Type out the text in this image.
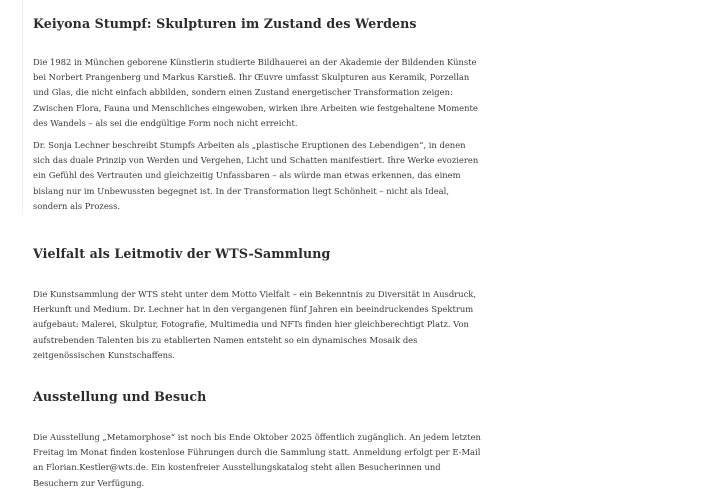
Keiyona Stumpf: Skulpturen im Zustand des Werdens

Die 1982 in München geborene Künstlerin studierte Bildhauerei an der Akademie der Bildenden Künste bei Norbert Prangenberg und Markus Karstieß. Ihr Œuvre umfasst Skulpturen aus Keramik, Porzellan und Glas, die nicht einfach abbilden, sondern einen Zustand energetischer Transformation zeigen: Zwischen Flora, Fauna und Menschliches eingewoben, wirken ihre Arbeiten wie festgehaltene Momente des Wandels – als sei die endgültige Form noch nicht erreicht.

Dr. Sonja Lechner beschreibt Stumpfs Arbeiten als „plastische Eruptionen des Lebendigen“, in denen sich das duale Prinzip von Werden und Vergehen, Licht und Schatten manifestiert. Ihre Werke evozieren ein Gefühl des Vertrauten und gleichzeitig Unfassbaren – als würde man etwas erkennen, das einem bislang nur im Unbewussten begegnet ist. In der Transformation liegt Schönheit – nicht als Ideal, sondern als Prozess.

Vielfalt als Leitmotiv der WTS-Sammlung

Die Kunstsammlung der WTS steht unter dem Motto Vielfalt – ein Bekenntnis zu Diversität in Ausdruck, Herkunft und Medium. Dr. Lechner hat in den vergangenen fünf Jahren ein beeindruckendes Spektrum aufgebaut: Malerei, Skulptur, Fotografie, Multimedia und NFTs finden hier gleichberechtigt Platz. Von aufstrebenden Talenten bis zu etablierten Namen entsteht so ein dynamisches Mosaik des zeitgenössischen Kunstschaffens.

Ausstellung und Besuch

Die Ausstellung „Metamorphose“ ist noch bis Ende Oktober 2025 öffentlich zugänglich. An jedem letzten Freitag im Monat finden kostenlose Führungen durch die Sammlung statt. Anmeldung erfolgt per E-Mail an Florian.Kestler@wts.de. Ein kostenfreier Ausstellungskatalog steht allen Besucherinnen und Besuchern zur Verfügung.
